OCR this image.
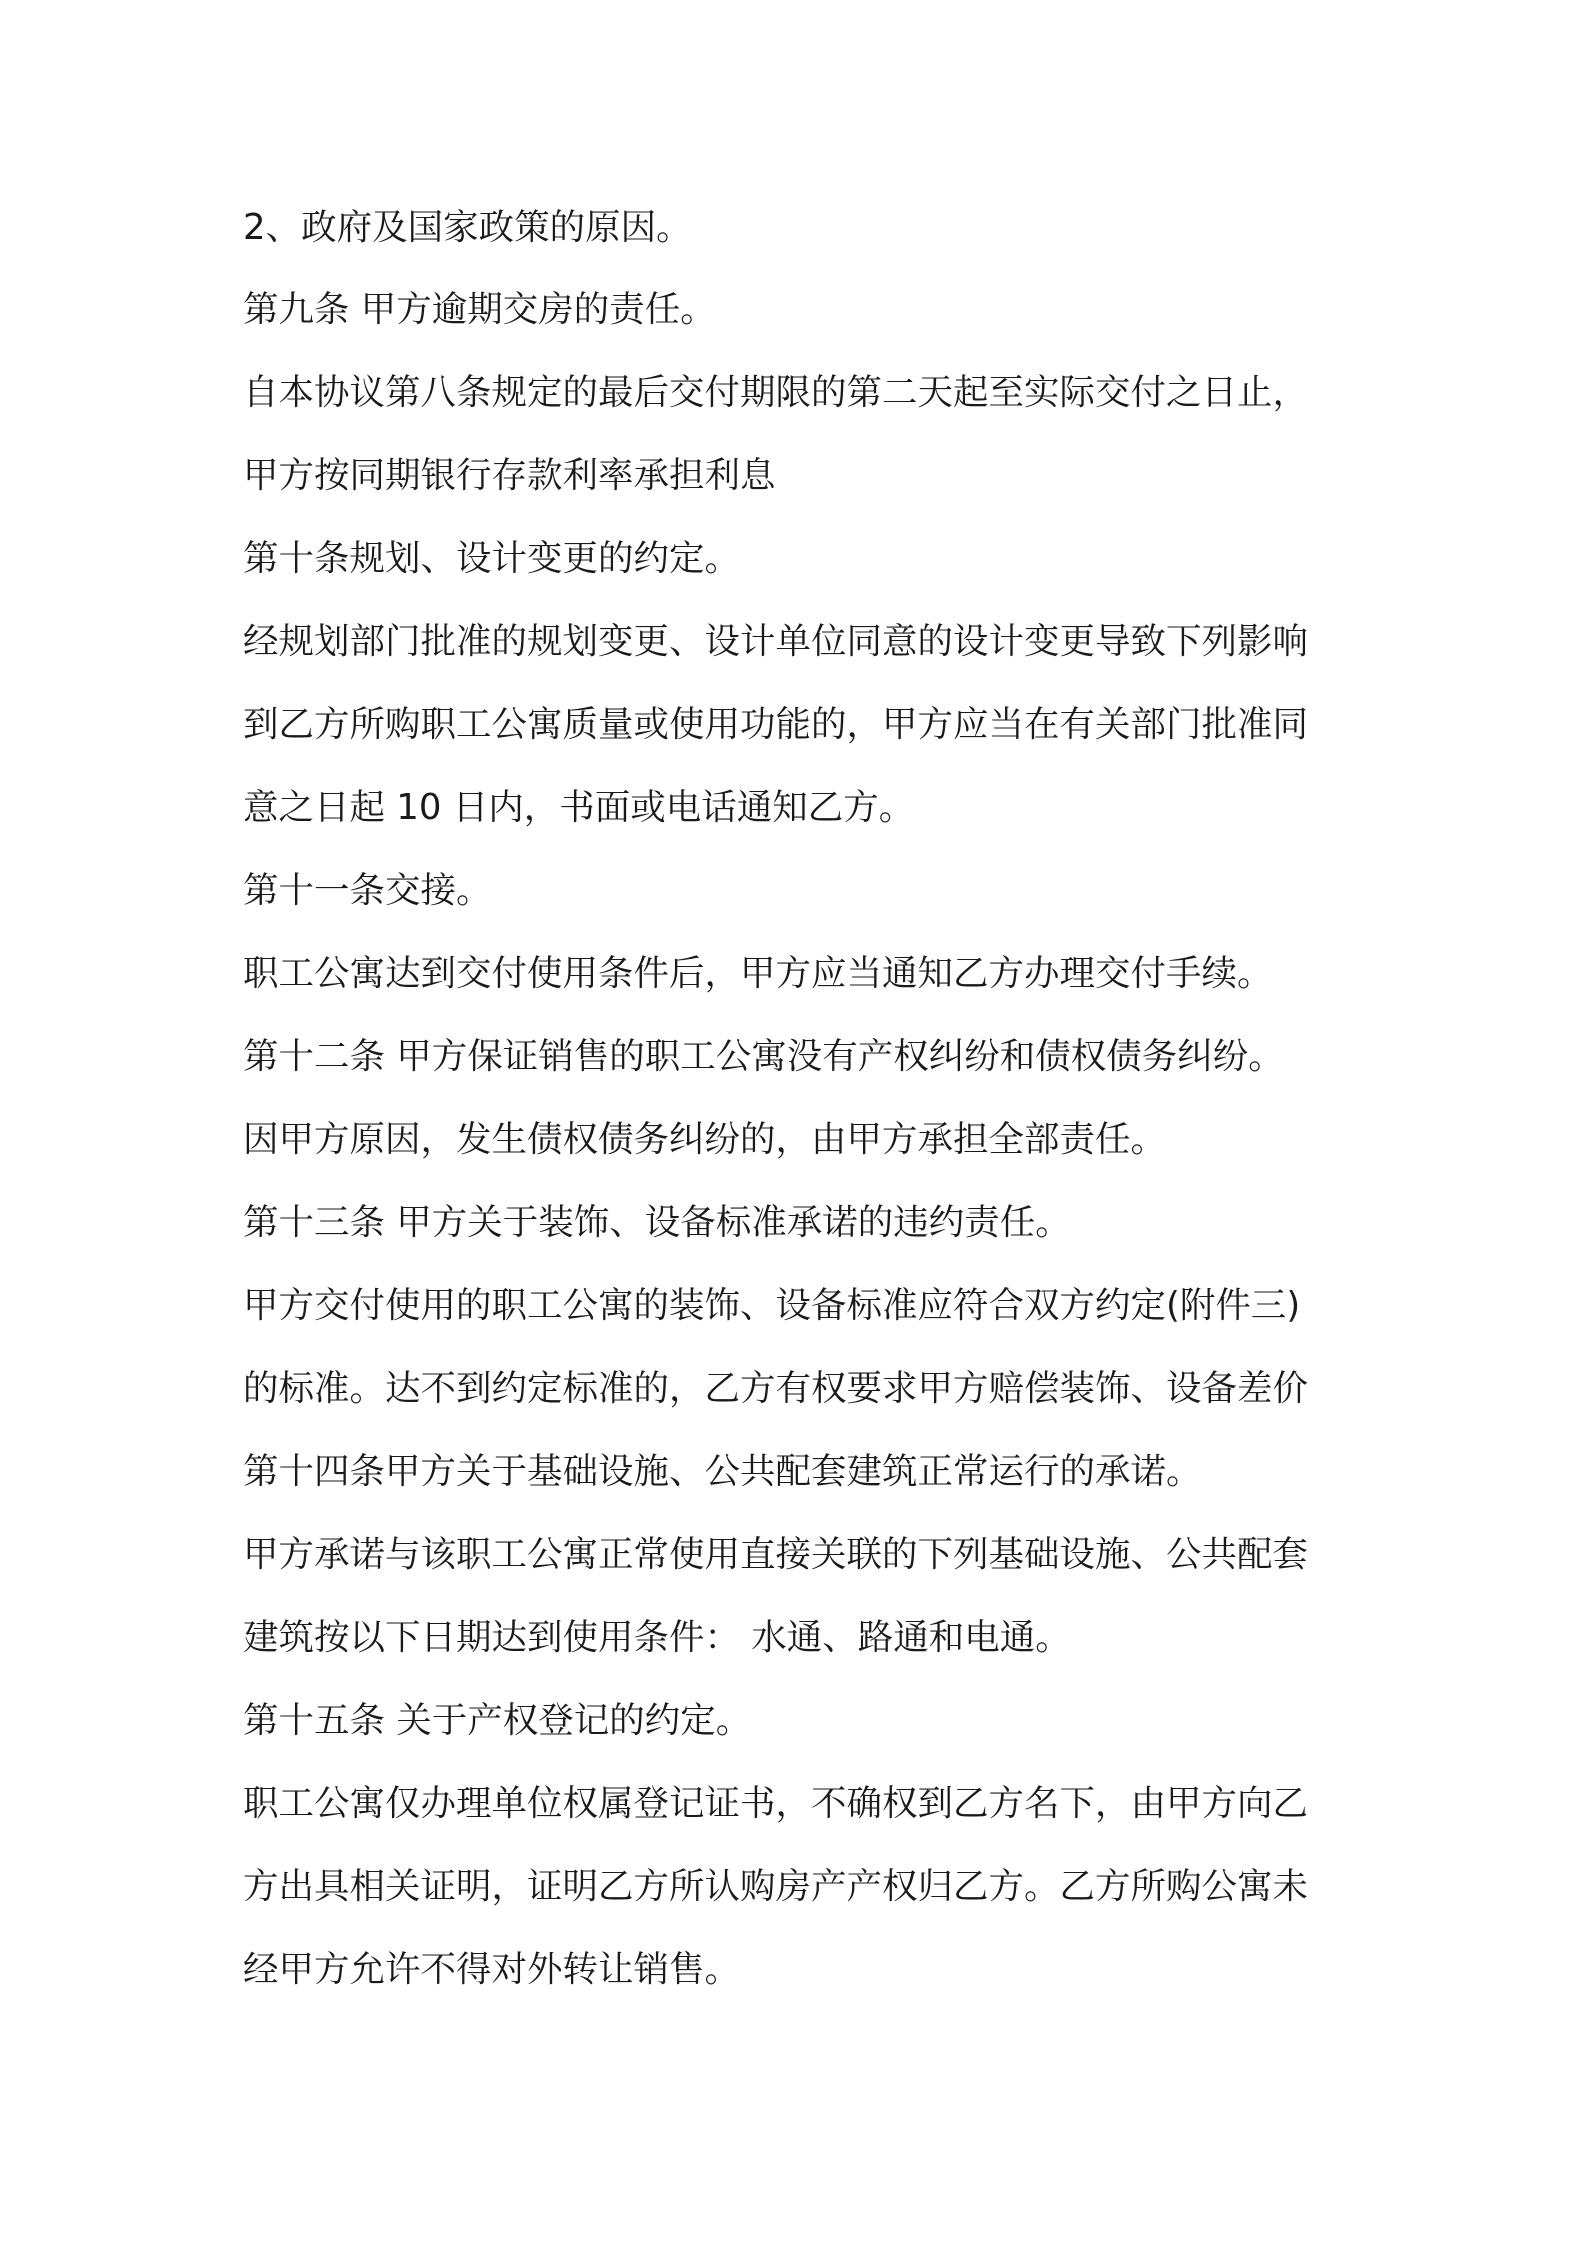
2、政府及国家政策的原因。
第九条 甲方逾期交房的责任。
自本协议第八条规定的最后交付期限的第二天起至实际交付之日止，
甲方按同期银行存款利率承担利息
第十条规划、设计变更的约定。
经规划部门批准的规划变更、设计单位同意的设计变更导致下列影响
到乙方所购职工公寓质量或使用功能的，甲方应当在有关部门批准同
意之日起 10 日内，书面或电话通知乙方。
第十一条交接。
职工公寓达到交付使用条件后，甲方应当通知乙方办理交付手续。
第十二条 甲方保证销售的职工公寓没有产权纠纷和债权债务纠纷。
因甲方原因，发生债权债务纠纷的，由甲方承担全部责任。
第十三条 甲方关于装饰、设备标准承诺的违约责任。
甲方交付使用的职工公寓的装饰、设备标准应符合双方约定(附件三)
的标准。达不到约定标准的，乙方有权要求甲方赔偿装饰、设备差价
第十四条甲方关于基础设施、公共配套建筑正常运行的承诺。
甲方承诺与该职工公寓正常使用直接关联的下列基础设施、公共配套
建筑按以下日期达到使用条件： 水通、路通和电通。
第十五条 关于产权登记的约定。
职工公寓仅办理单位权属登记证书，不确权到乙方名下，由甲方向乙
方出具相关证明，证明乙方所认购房产产权归乙方。乙方所购公寓未
经甲方允许不得对外转让销售。
